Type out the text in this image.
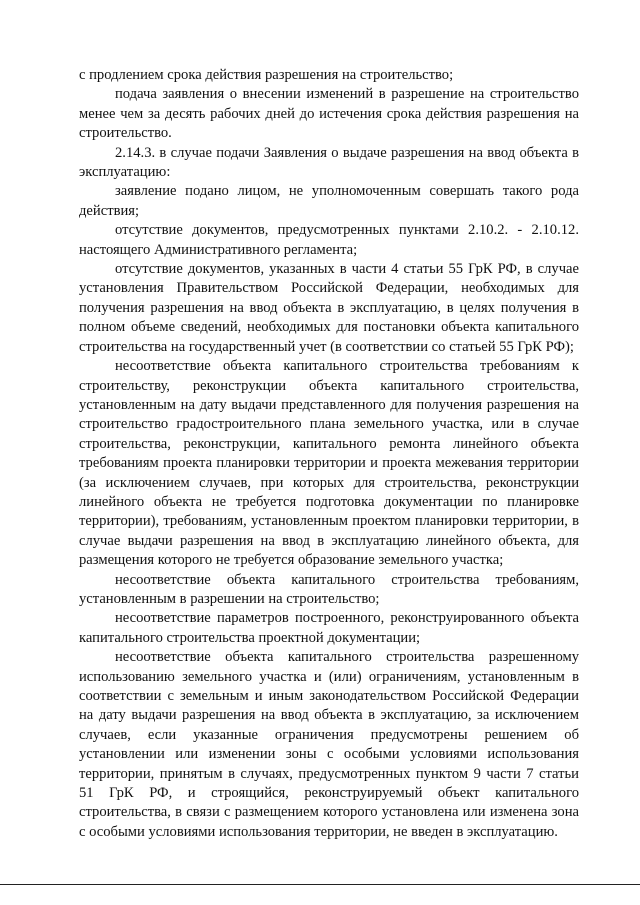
с продлением срока действия разрешения на строительство;

подача заявления о внесении изменений в разрешение на строительство менее чем за десять рабочих дней до истечения срока действия разрешения на строительство.

2.14.3. в случае подачи Заявления о выдаче разрешения на ввод объекта в эксплуатацию:

заявление подано лицом, не уполномоченным совершать такого рода действия;

отсутствие документов, предусмотренных пунктами 2.10.2. - 2.10.12. настоящего Административного регламента;

отсутствие документов, указанных в части 4 статьи 55 ГрК РФ, в случае установления Правительством Российской Федерации, необходимых для получения разрешения на ввод объекта в эксплуатацию, в целях получения в полном объеме сведений, необходимых для постановки объекта капитального строительства на государственный учет (в соответствии со статьей 55 ГрК РФ);

несоответствие объекта капитального строительства требованиям к строительству, реконструкции объекта капитального строительства, установленным на дату выдачи представленного для получения разрешения на строительство градостроительного плана земельного участка, или в случае строительства, реконструкции, капитального ремонта линейного объекта требованиям проекта планировки территории и проекта межевания территории (за исключением случаев, при которых для строительства, реконструкции линейного объекта не требуется подготовка документации по планировке территории), требованиям, установленным проектом планировки территории, в случае выдачи разрешения на ввод в эксплуатацию линейного объекта, для размещения которого не требуется образование земельного участка;

несоответствие объекта капитального строительства требованиям, установленным в разрешении на строительство;

несоответствие параметров построенного, реконструированного объекта капитального строительства проектной документации;

несоответствие объекта капитального строительства разрешенному использованию земельного участка и (или) ограничениям, установленным в соответствии с земельным и иным законодательством Российской Федерации на дату выдачи разрешения на ввод объекта в эксплуатацию, за исключением случаев, если указанные ограничения предусмотрены решением об установлении или изменении зоны с особыми условиями использования территории, принятым в случаях, предусмотренных пунктом 9 части 7 статьи 51 ГрК РФ, и строящийся, реконструируемый объект капитального строительства, в связи с размещением которого установлена или изменена зона с особыми условиями использования территории, не введен в эксплуатацию.
